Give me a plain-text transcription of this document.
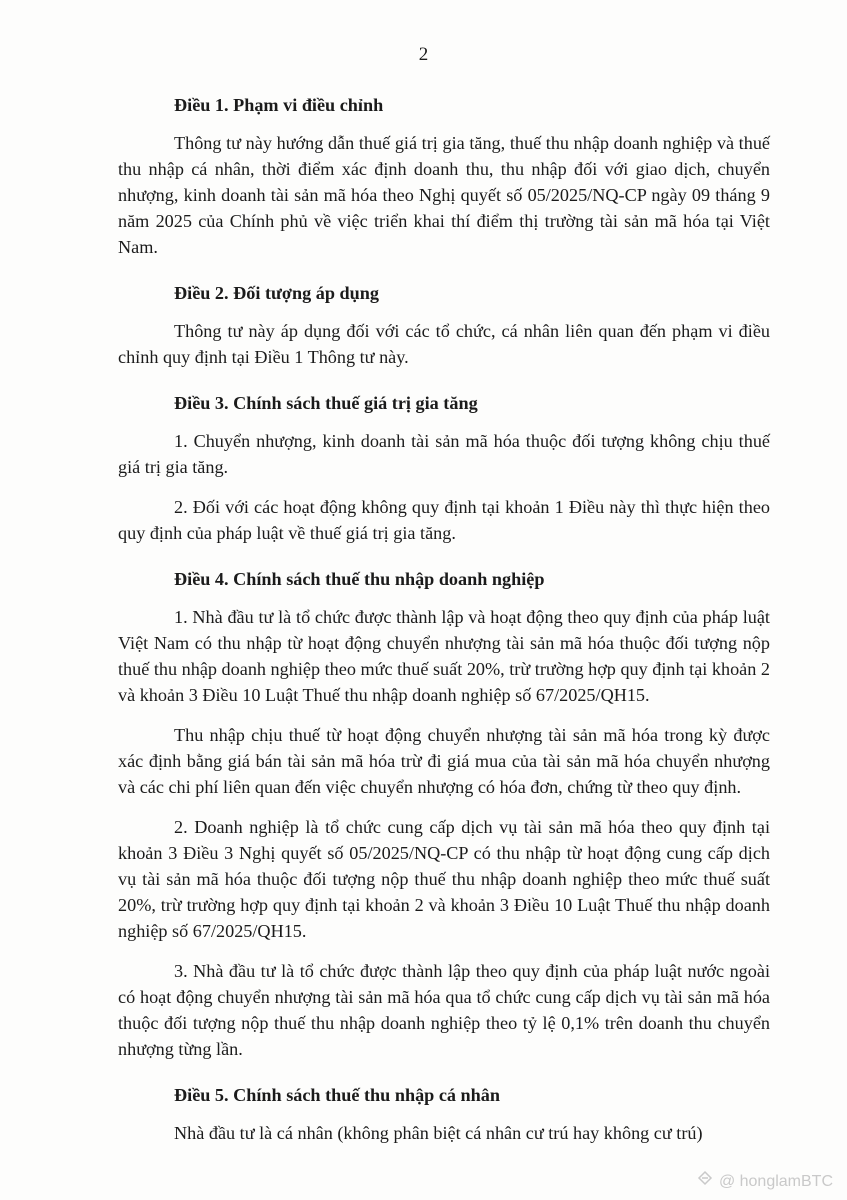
2

Điều 1. Phạm vi điều chỉnh

Thông tư này hướng dẫn thuế giá trị gia tăng, thuế thu nhập doanh nghiệp và thuế thu nhập cá nhân, thời điểm xác định doanh thu, thu nhập đối với giao dịch, chuyển nhượng, kinh doanh tài sản mã hóa theo Nghị quyết số 05/2025/NQ-CP ngày 09 tháng 9 năm 2025 của Chính phủ về việc triển khai thí điểm thị trường tài sản mã hóa tại Việt Nam.

Điều 2. Đối tượng áp dụng

Thông tư này áp dụng đối với các tổ chức, cá nhân liên quan đến phạm vi điều chỉnh quy định tại Điều 1 Thông tư này.

Điều 3. Chính sách thuế giá trị gia tăng

1. Chuyển nhượng, kinh doanh tài sản mã hóa thuộc đối tượng không chịu thuế giá trị gia tăng.

2. Đối với các hoạt động không quy định tại khoản 1 Điều này thì thực hiện theo quy định của pháp luật về thuế giá trị gia tăng.

Điều 4. Chính sách thuế thu nhập doanh nghiệp

1. Nhà đầu tư là tổ chức được thành lập và hoạt động theo quy định của pháp luật Việt Nam có thu nhập từ hoạt động chuyển nhượng tài sản mã hóa thuộc đối tượng nộp thuế thu nhập doanh nghiệp theo mức thuế suất 20%, trừ trường hợp quy định tại khoản 2 và khoản 3 Điều 10 Luật Thuế thu nhập doanh nghiệp số 67/2025/QH15.

Thu nhập chịu thuế từ hoạt động chuyển nhượng tài sản mã hóa trong kỳ được xác định bằng giá bán tài sản mã hóa trừ đi giá mua của tài sản mã hóa chuyển nhượng và các chi phí liên quan đến việc chuyển nhượng có hóa đơn, chứng từ theo quy định.

2. Doanh nghiệp là tổ chức cung cấp dịch vụ tài sản mã hóa theo quy định tại khoản 3 Điều 3 Nghị quyết số 05/2025/NQ-CP có thu nhập từ hoạt động cung cấp dịch vụ tài sản mã hóa thuộc đối tượng nộp thuế thu nhập doanh nghiệp theo mức thuế suất 20%, trừ trường hợp quy định tại khoản 2 và khoản 3 Điều 10 Luật Thuế thu nhập doanh nghiệp số 67/2025/QH15.

3. Nhà đầu tư là tổ chức được thành lập theo quy định của pháp luật nước ngoài có hoạt động chuyển nhượng tài sản mã hóa qua tổ chức cung cấp dịch vụ tài sản mã hóa thuộc đối tượng nộp thuế thu nhập doanh nghiệp theo tỷ lệ 0,1% trên doanh thu chuyển nhượng từng lần.

Điều 5. Chính sách thuế thu nhập cá nhân

Nhà đầu tư là cá nhân (không phân biệt cá nhân cư trú hay không cư trú)

@ honglamBTC
